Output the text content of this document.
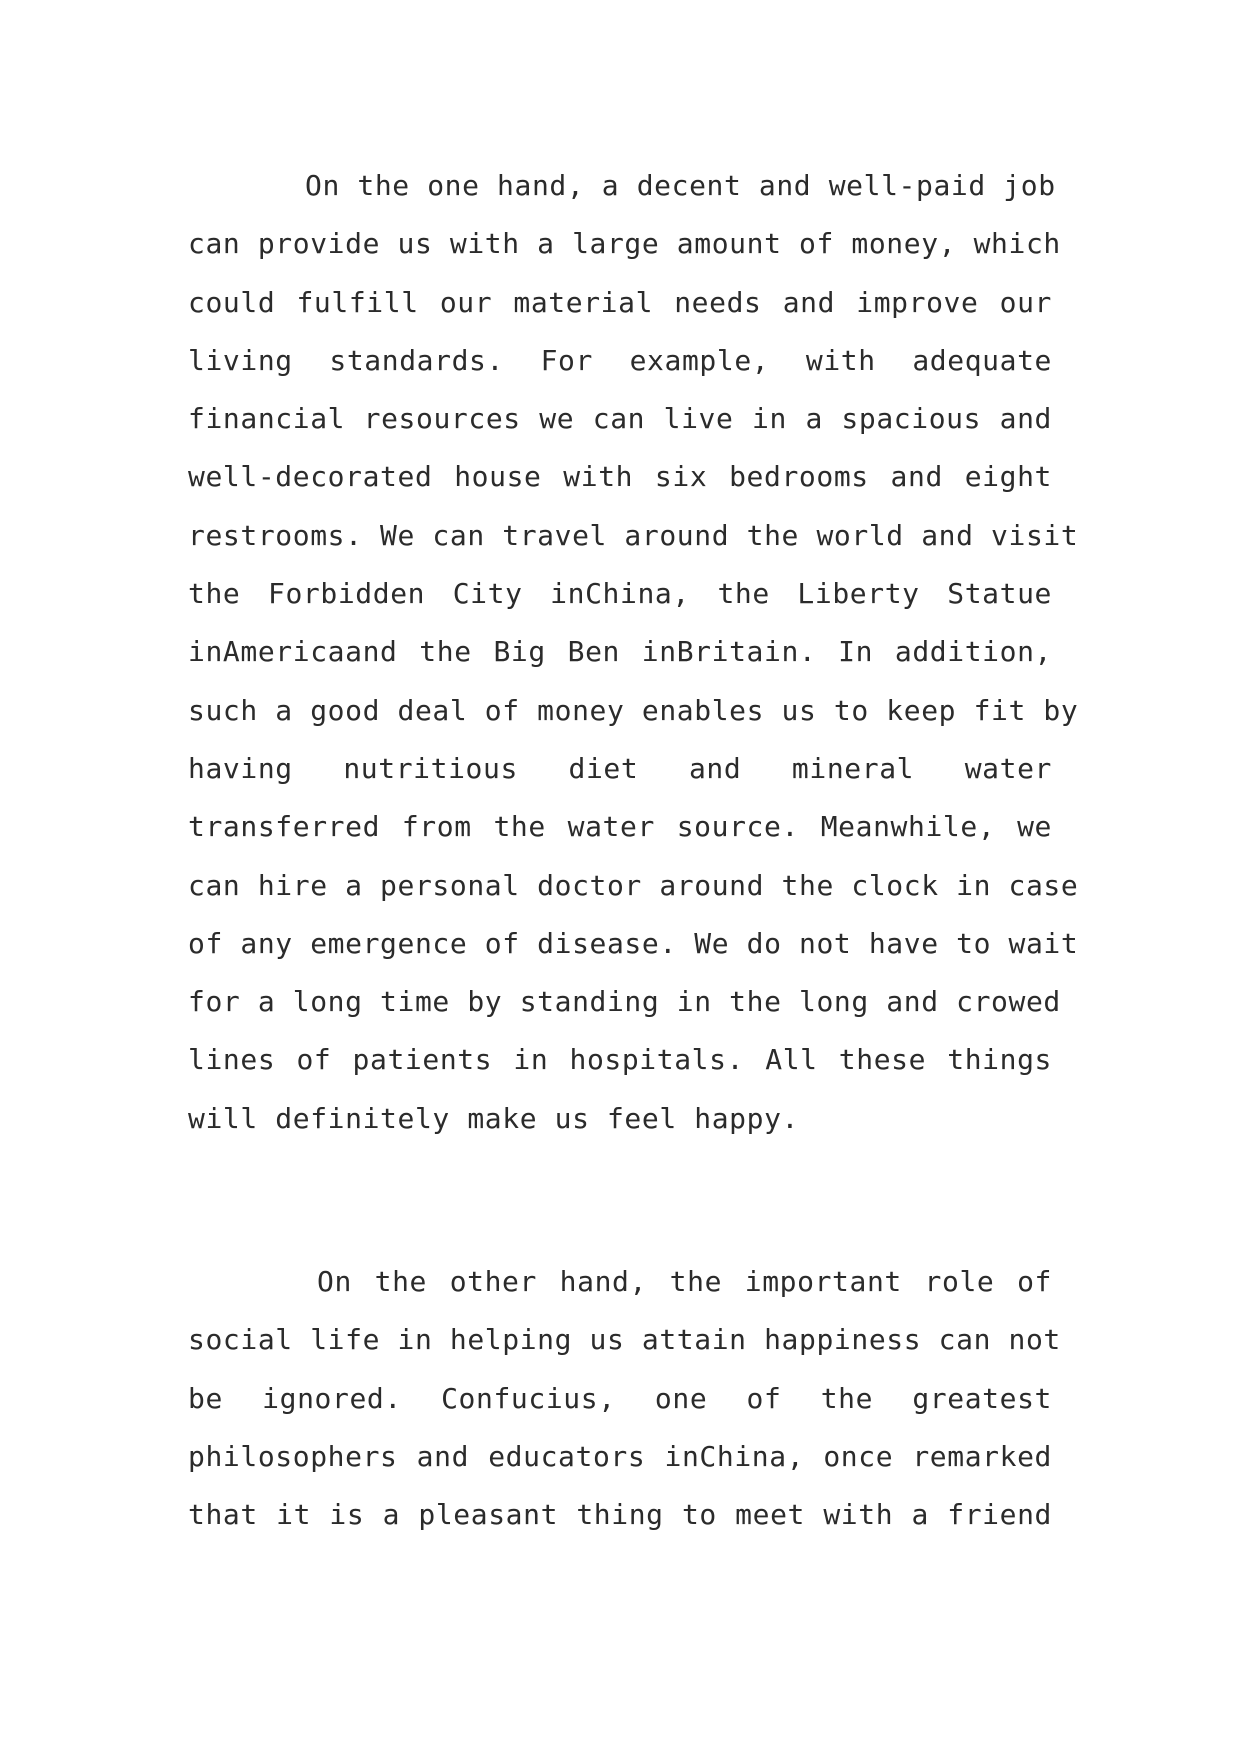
On the one hand, a decent and well-paid job
can provide us with a large amount of money, which
could fulfill our material needs and improve our
living standards. For example, with adequate
financial resources we can live in a spacious and
well-decorated house with six bedrooms and eight
restrooms. We can travel around the world and visit
the Forbidden City inChina, the Liberty Statue
inAmericaand the Big Ben inBritain. In addition,
such a good deal of money enables us to keep fit by
having nutritious diet and mineral water
transferred from the water source. Meanwhile, we
can hire a personal doctor around the clock in case
of any emergence of disease. We do not have to wait
for a long time by standing in the long and crowed
lines of patients in hospitals. All these things
will definitely make us feel happy.
On the other hand, the important role of
social life in helping us attain happiness can not
be ignored. Confucius, one of the greatest
philosophers and educators inChina, once remarked
that it is a pleasant thing to meet with a friend
